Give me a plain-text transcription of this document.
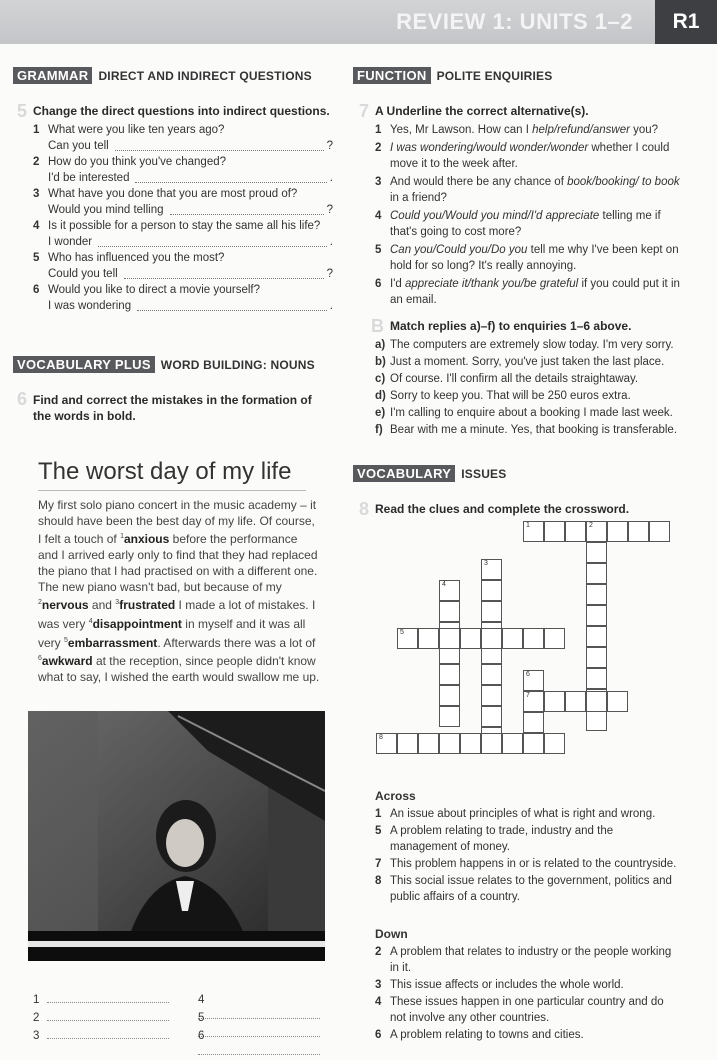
REVIEW 1: UNITS 1–2	R1
GRAMMAR DIRECT AND INDIRECT QUESTIONS
5 Change the direct questions into indirect questions.
1 What were you like ten years ago?
Can you tell	?
2 How do you think you've changed?
I'd be interested	.
3 What have you done that you are most proud of?
Would you mind telling	?
4 Is it possible for a person to stay the same all his life?
I wonder	.
5 Who has influenced you the most?
Could you tell	?
6 Would you like to direct a movie yourself?
I was wondering	.
VOCABULARY PLUS WORD BUILDING: NOUNS
6 Find and correct the mistakes in the formation of the words in bold.
The worst day of my life
My first solo piano concert in the music academy – it should have been the best day of my life. Of course, I felt a touch of $^1$anxious before the performance and I arrived early only to find that they had replaced the piano that I had practised on with a different one. The new piano wasn't bad, but because of my $^2$nervous and $^3$frustrated I made a lot of mistakes. I was very $^4$disappointment in myself and it was all very $^5$embarrassment. Afterwards there was a lot of $^6$awkward at the reception, since people didn't know what to say, I wished the earth would swallow me up.
1
2
3
4
5
6
FUNCTION POLITE ENQUIRIES
7 A Underline the correct alternative(s).
1 Yes, Mr Lawson. How can I help/refund/answer you?
2 I was wondering/would wonder/wonder whether I could move it to the week after.
3 And would there be any chance of book/booking/ to book in a friend?
4 Could you/Would you mind/I'd appreciate telling me if that's going to cost more?
5 Can you/Could you/Do you tell me why I've been kept on hold for so long? It's really annoying.
6 I'd appreciate it/thank you/be grateful if you could put it in an email.
B Match replies a)–f) to enquiries 1–6 above.
a) The computers are extremely slow today. I'm very sorry.
b) Just a moment. Sorry, you've just taken the last place.
c) Of course. I'll confirm all the details straightaway.
d) Sorry to keep you. That will be 250 euros extra.
e) I'm calling to enquire about a booking I made last week.
f) Bear with me a minute. Yes, that booking is transferable.
VOCABULARY ISSUES
8 Read the clues and complete the crossword.
1	2
3
4
5
6
7
8
Across
1 An issue about principles of what is right and wrong.
5 A problem relating to trade, industry and the management of money.
7 This problem happens in or is related to the countryside.
8 This social issue relates to the government, politics and public affairs of a country.
Down
2 A problem that relates to industry or the people working in it.
3 This issue affects or includes the whole world.
4 These issues happen in one particular country and do not involve any other countries.
6 A problem relating to towns and cities.
